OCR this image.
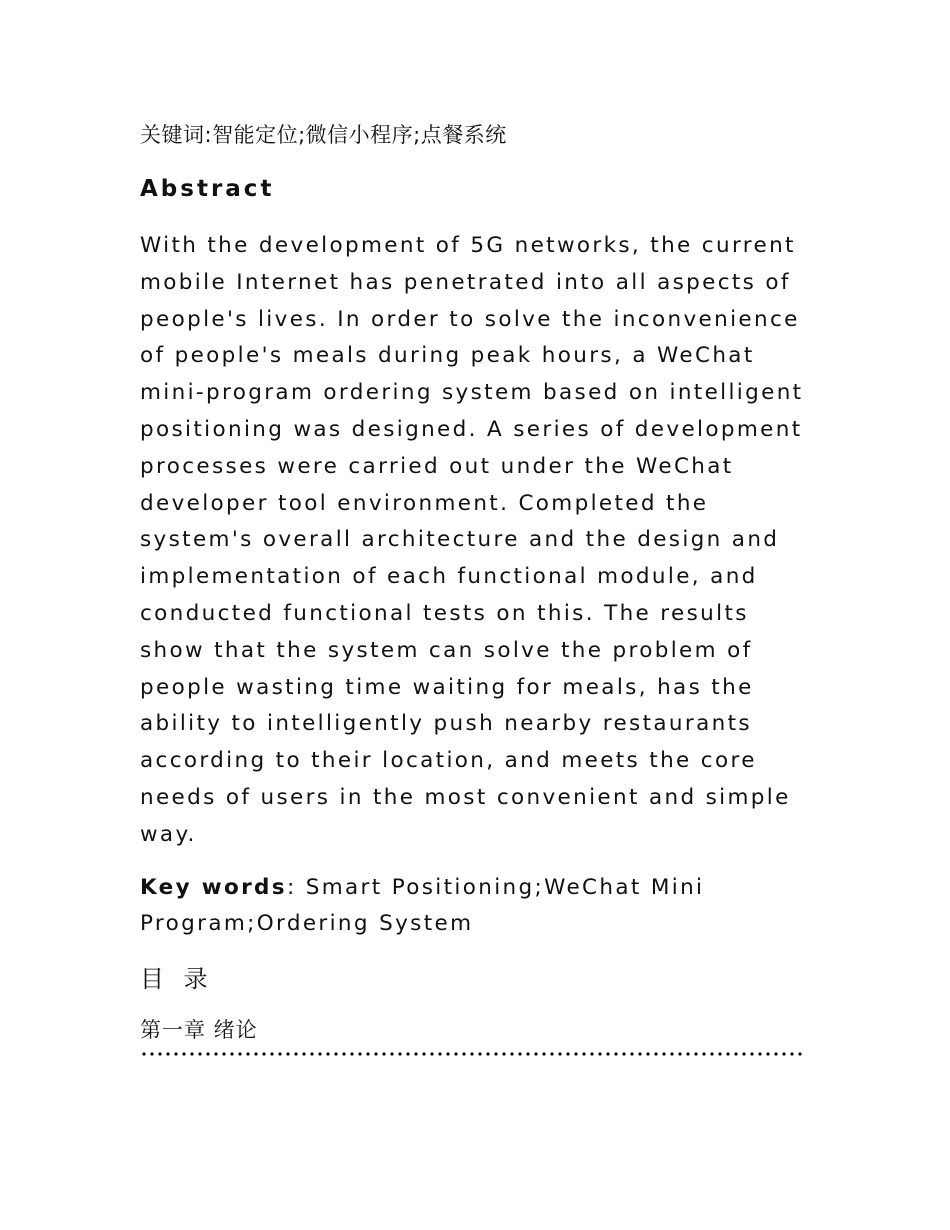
关键词:智能定位;微信小程序;点餐系统

Abstract

With the development of 5G networks, the current mobile Internet has penetrated into all aspects of people's lives. In order to solve the inconvenience of people's meals during peak hours, a WeChat mini-program ordering system based on intelligent positioning was designed. A series of development processes were carried out under the WeChat developer tool environment. Completed the system's overall architecture and the design and implementation of each functional module, and conducted functional tests on this. The results show that the system can solve the problem of people wasting time waiting for meals, has the ability to intelligently push nearby restaurants according to their location, and meets the core needs of users in the most convenient and simple way.

Key words: Smart Positioning;WeChat Mini Program;Ordering System

目 录
第一章 绪论
